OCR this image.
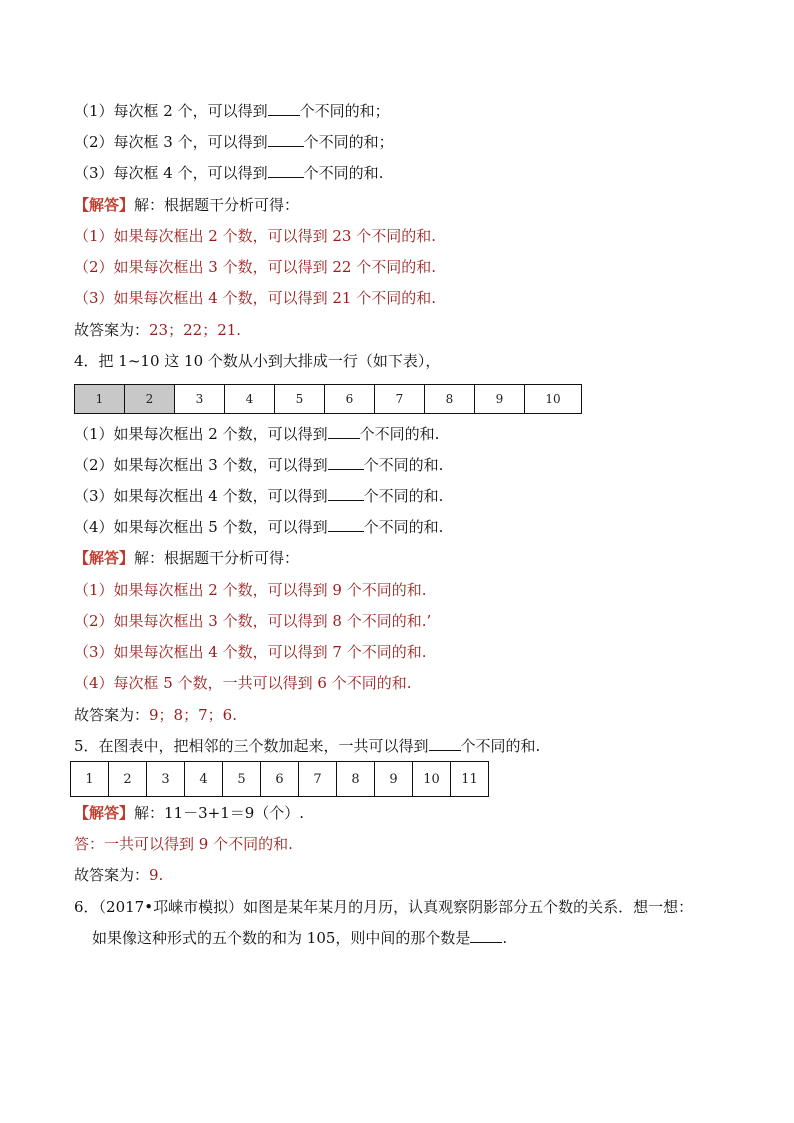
（1）每次框 2 个，可以得到 个不同的和；
（2）每次框 3 个，可以得到 个不同的和；
（3）每次框 4 个，可以得到 个不同的和.
【解答】解：根据题干分析可得：
（1）如果每次框出 2 个数，可以得到 23 个不同的和.
（2）如果每次框出 3 个数，可以得到 22 个不同的和.
（3）如果每次框出 4 个数，可以得到 21 个不同的和.
故答案为：23；22；21.
4．把 1~10 这 10 个数从小到大排成一行（如下表），
1	2	3	4	5	6	7	8	9	10
（1）如果每次框出 2 个数，可以得到 个不同的和.
（2）如果每次框出 3 个数，可以得到 个不同的和.
（3）如果每次框出 4 个数，可以得到 个不同的和.
（4）如果每次框出 5 个数，可以得到 个不同的和.
【解答】解：根据题干分析可得：
（1）如果每次框出 2 个数，可以得到 9 个不同的和.
（2）如果每次框出 3 个数，可以得到 8 个不同的和.’
（3）如果每次框出 4 个数，可以得到 7 个不同的和.
（4）每次框 5 个数，一共可以得到 6 个不同的和.
故答案为：9；8；7；6.
5．在图表中，把相邻的三个数加起来，一共可以得到 个不同的和.
1	2	3	4	5	6	7	8	9	10	11
【解答】解：11－3+1＝9（个）.
答：一共可以得到 9 个不同的和.
故答案为：9.
6．（2017•邛崃市模拟）如图是某年某月的月历，认真观察阴影部分五个数的关系．想一想：
如果像这种形式的五个数的和为 105，则中间的那个数是 .
